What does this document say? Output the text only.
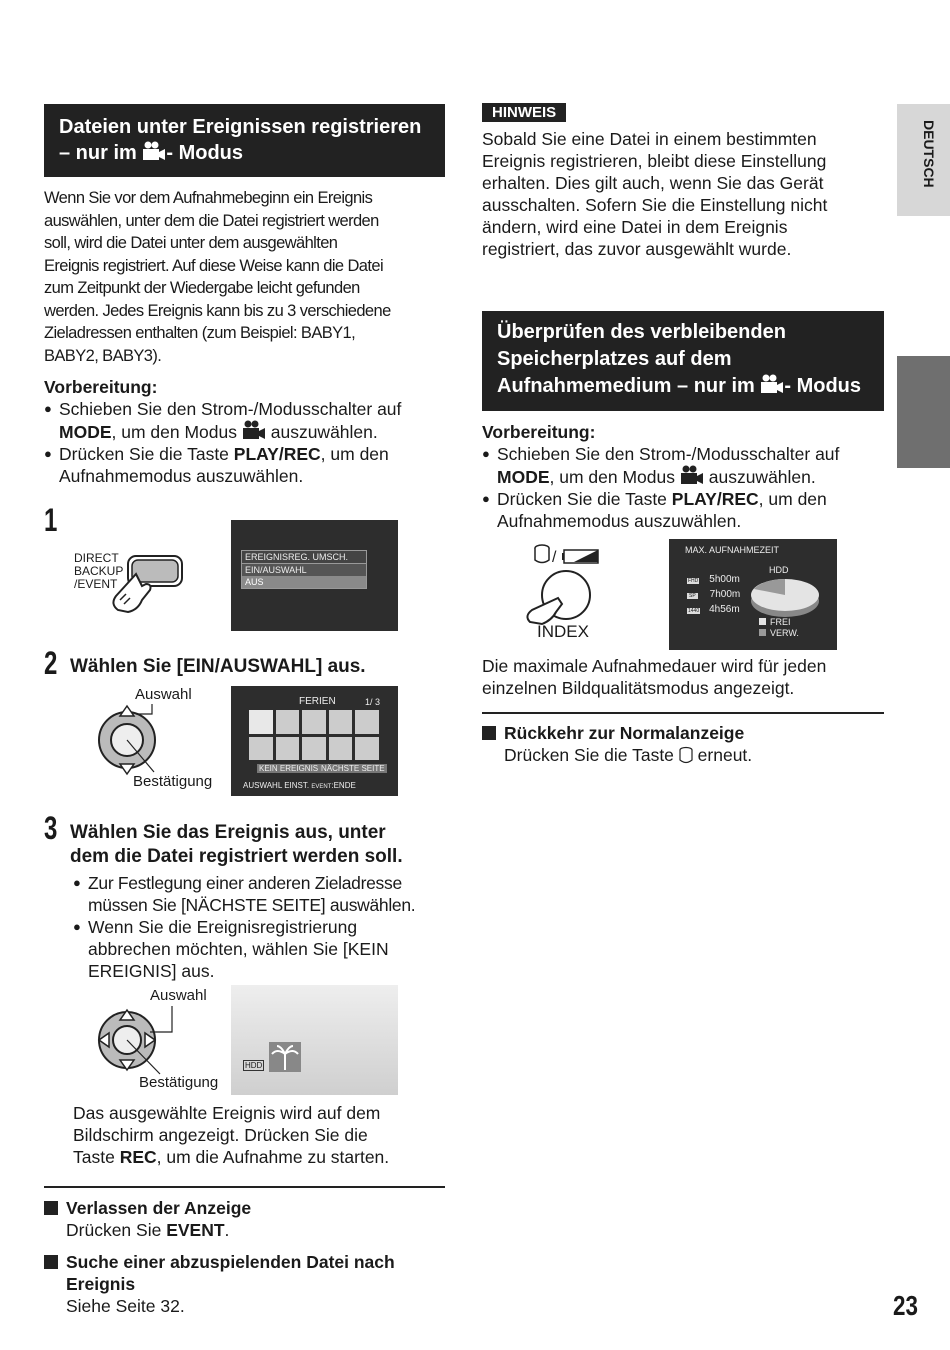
Dateien unter Ereignissen registrieren
– nur im - Modus
Wenn Sie vor dem Aufnahmebeginn ein Ereignis
auswählen, unter dem die Datei registriert werden
soll, wird die Datei unter dem ausgewählten
Ereignis registriert. Auf diese Weise kann die Datei
zum Zeitpunkt der Wiedergabe leicht gefunden
werden. Jedes Ereignis kann bis zu 3 verschiedene
Zieladressen enthalten (zum Beispiel: BABY1,
BABY2, BABY3).
Vorbereitung:
● Schieben Sie den Strom-/Modusschalter auf
MODE, um den Modus auszuwählen.
● Drücken Sie die Taste PLAY/REC, um den
Aufnahmemodus auszuwählen.
1
DIRECT
BACKUP
/EVENT
EREIGNISREG. UMSCH.
EIN/AUSWAHL
AUS
2 Wählen Sie [EIN/AUSWAHL] aus.
Auswahl
Bestätigung
FERIEN	1/ 3
KEIN EREIGNIS NÄCHSTE SEITE
AUSWAHL EINST. EVENT:ENDE
3 Wählen Sie das Ereignis aus, unter
dem die Datei registriert werden soll.
● Zur Festlegung einer anderen Zieladresse
müssen Sie [NÄCHSTE SEITE] auswählen.
● Wenn Sie die Ereignisregistrierung
abbrechen möchten, wählen Sie [KEIN
EREIGNIS] aus.
Auswahl
Bestätigung
HDD
Das ausgewählte Ereignis wird auf dem
Bildschirm angezeigt. Drücken Sie die
Taste REC, um die Aufnahme zu starten.
Verlassen der Anzeige
Drücken Sie EVENT.
Suche einer abzuspielenden Datei nach
Ereignis
Siehe Seite 32.
HINWEIS
Sobald Sie eine Datei in einem bestimmten
Ereignis registrieren, bleibt diese Einstellung
erhalten. Dies gilt auch, wenn Sie das Gerät
ausschalten. Sofern Sie die Einstellung nicht
ändern, wird eine Datei in dem Ereignis
registriert, das zuvor ausgewählt wurde.
Überprüfen des verbleibenden
Speicherplatzes auf dem
Aufnahmemedium – nur im - Modus
Vorbereitung:
● Schieben Sie den Strom-/Modusschalter auf
MODE, um den Modus auszuwählen.
● Drücken Sie die Taste PLAY/REC, um den
Aufnahmemodus auszuwählen.
/
INDEX
MAX. AUFNAHMEZEIT
HDD
FHD 5h00m
SP 7h00m
1440 4h56m
FREI
VERW.
Die maximale Aufnahmedauer wird für jeden
einzelnen Bildqualitätsmodus angezeigt.
Rückkehr zur Normalanzeige
Drücken Sie die Taste erneut.
DEUTSCH
23
